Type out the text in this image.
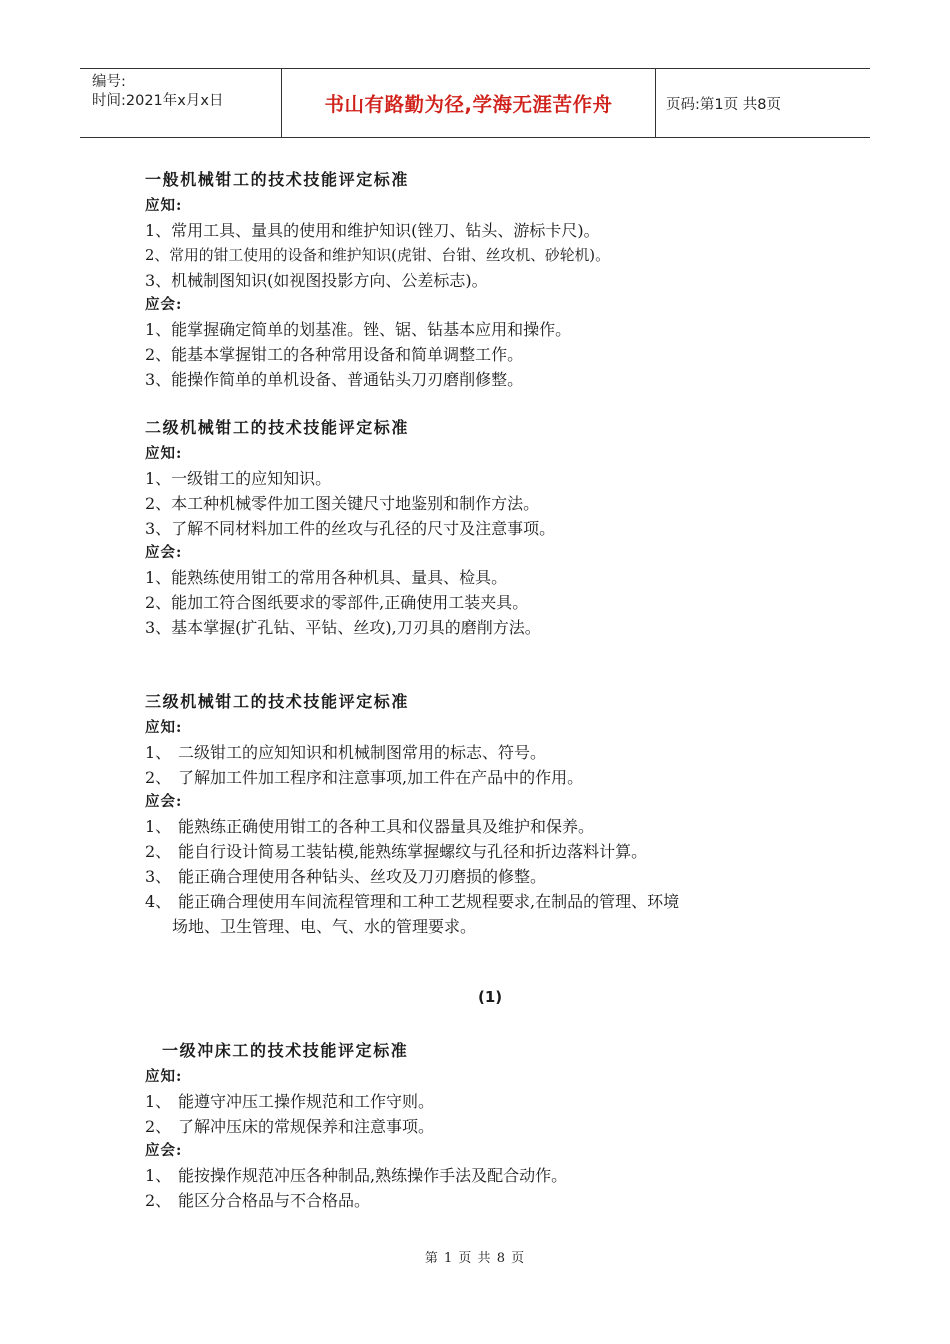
编号:
时间:2021年x月x日	书山有路勤为径,学海无涯苦作舟	页码:第1页 共8页
一般机械钳工的技术技能评定标准
应知:
1、常用工具、量具的使用和维护知识(锉刀、钻头、游标卡尺)。
2、常用的钳工使用的设备和维护知识(虎钳、台钳、丝攻机、砂轮机)。
3、机械制图知识(如视图投影方向、公差标志)。
应会:
1、能掌握确定简单的划基准。锉、锯、钻基本应用和操作。
2、能基本掌握钳工的各种常用设备和简单调整工作。
3、能操作简单的单机设备、普通钻头刀刃磨削修整。
二级机械钳工的技术技能评定标准
应知:
1、一级钳工的应知知识。
2、本工种机械零件加工图关键尺寸地鉴别和制作方法。
3、了解不同材料加工件的丝攻与孔径的尺寸及注意事项。
应会:
1、能熟练使用钳工的常用各种机具、量具、检具。
2、能加工符合图纸要求的零部件,正确使用工装夹具。
3、基本掌握(扩孔钻、平钻、丝攻),刀刃具的磨削方法。
三级机械钳工的技术技能评定标准
应知:
1、 二级钳工的应知知识和机械制图常用的标志、符号。
2、 了解加工件加工程序和注意事项,加工件在产品中的作用。
应会:
1、 能熟练正确使用钳工的各种工具和仪器量具及维护和保养。
2、 能自行设计简易工装钻模,能熟练掌握螺纹与孔径和折边落料计算。
3、 能正确合理使用各种钻头、丝攻及刀刃磨损的修整。
4、 能正确合理使用车间流程管理和工种工艺规程要求,在制品的管理、环境
场地、卫生管理、电、气、水的管理要求。
(1)
一级冲床工的技术技能评定标准
应知:
1、 能遵守冲压工操作规范和工作守则。
2、 了解冲压床的常规保养和注意事项。
应会:
1、 能按操作规范冲压各种制品,熟练操作手法及配合动作。
2、 能区分合格品与不合格品。
第 1 页 共 8 页
